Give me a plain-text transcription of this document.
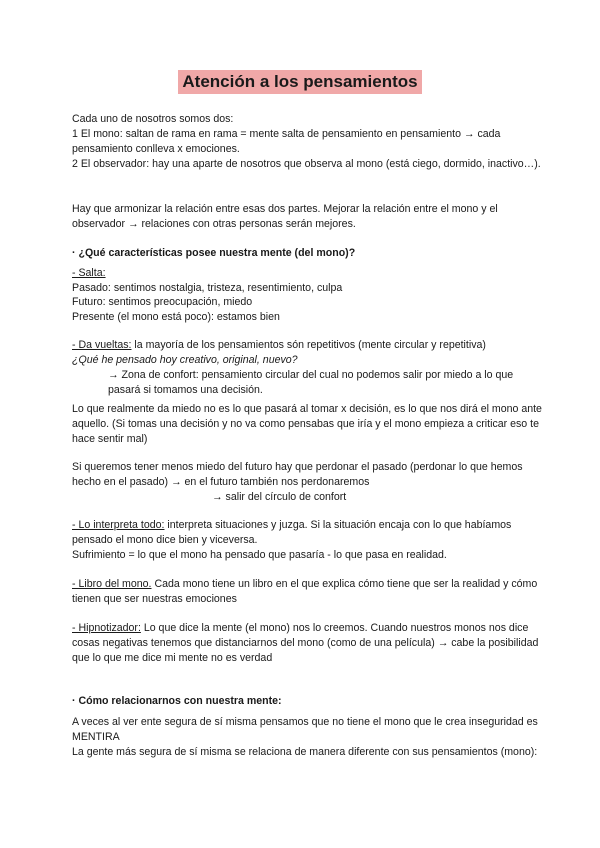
Atención a los pensamientos

Cada uno de nosotros somos dos:

1 El mono: saltan de rama en rama = mente salta de pensamiento en pensamiento → cada pensamiento conlleva x emociones.

2 El observador: hay una aparte de nosotros que observa al mono (está ciego, dormido, inactivo…).

Hay que armonizar la relación entre esas dos partes. Mejorar la relación entre el mono y el observador → relaciones con otras personas serán mejores.

· ¿Qué características posee nuestra mente (del mono)?

- Salta:

Pasado: sentimos nostalgia, tristeza, resentimiento, culpa

Futuro: sentimos preocupación, miedo

Presente (el mono está poco): estamos bien

- Da vueltas: la mayoría de los pensamientos són repetitivos (mente circular y repetitiva)

¿Qué he pensado hoy creativo, original, nuevo?

→ Zona de confort: pensamiento circular del cual no podemos salir por miedo a lo que pasará si tomamos una decisión.

Lo que realmente da miedo no es lo que pasará al tomar x decisión, es lo que nos dirá el mono ante aquello. (Si tomas una decisión y no va como pensabas que iría y el mono empieza a criticar eso te hace sentir mal)

Si queremos tener menos miedo del futuro hay que perdonar el pasado (perdonar lo que hemos hecho en el pasado) → en el futuro también nos perdonaremos

→ salir del círculo de confort

- Lo interpreta todo: interpreta situaciones y juzga. Si la situación encaja con lo que habíamos pensado el mono dice bien y viceversa.

Sufrimiento = lo que el mono ha pensado que pasaría - lo que pasa en realidad.

- Libro del mono. Cada mono tiene un libro en el que explica cómo tiene que ser la realidad y cómo tienen que ser nuestras emociones

- Hipnotizador: Lo que dice la mente (el mono) nos lo creemos. Cuando nuestros monos nos dice cosas negativas tenemos que distanciarnos del mono (como de una película) → cabe la posibilidad que lo que me dice mi mente no es verdad

· Cómo relacionarnos con nuestra mente:

A veces al ver ente segura de sí misma pensamos que no tiene el mono que le crea inseguridad es MENTIRA

La gente más segura de sí misma se relaciona de manera diferente con sus pensamientos (mono):
